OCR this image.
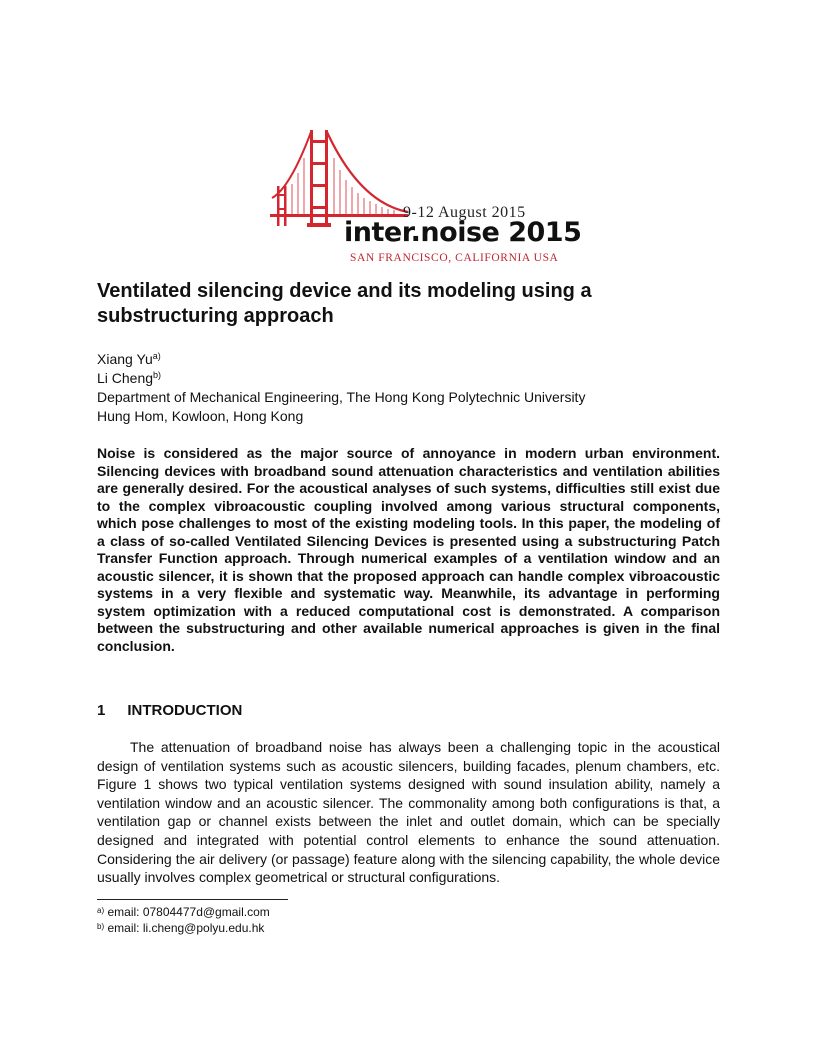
9-12 August 2015
inter.noise 2015
SAN FRANCISCO, CALIFORNIA USA
Ventilated silencing device and its modeling using a substructuring approach
Xiang Yu$^{a)}$
Li Cheng$^{b)}$
Department of Mechanical Engineering, The Hong Kong Polytechnic University
Hung Hom, Kowloon, Hong Kong

Noise is considered as the major source of annoyance in modern urban environment. Silencing devices with broadband sound attenuation characteristics and ventilation abilities are generally desired. For the acoustical analyses of such systems, difficulties still exist due to the complex vibroacoustic coupling involved among various structural components, which pose challenges to most of the existing modeling tools. In this paper, the modeling of a class of so-called Ventilated Silencing Devices is presented using a substructuring Patch Transfer Function approach. Through numerical examples of a ventilation window and an acoustic silencer, it is shown that the proposed approach can handle complex vibroacoustic systems in a very flexible and systematic way. Meanwhile, its advantage in performing system optimization with a reduced computational cost is demonstrated. A comparison between the substructuring and other available numerical approaches is given in the final conclusion.

1 INTRODUCTION

The attenuation of broadband noise has always been a challenging topic in the acoustical design of ventilation systems such as acoustic silencers, building facades, plenum chambers, etc. Figure 1 shows two typical ventilation systems designed with sound insulation ability, namely a ventilation window and an acoustic silencer. The commonality among both configurations is that, a ventilation gap or channel exists between the inlet and outlet domain, which can be specially designed and integrated with potential control elements to enhance the sound attenuation. Considering the air delivery (or passage) feature along with the silencing capability, the whole device usually involves complex geometrical or structural configurations.

$^{a)}$ email: 07804477d@gmail.com
$^{b)}$ email: li.cheng@polyu.edu.hk
